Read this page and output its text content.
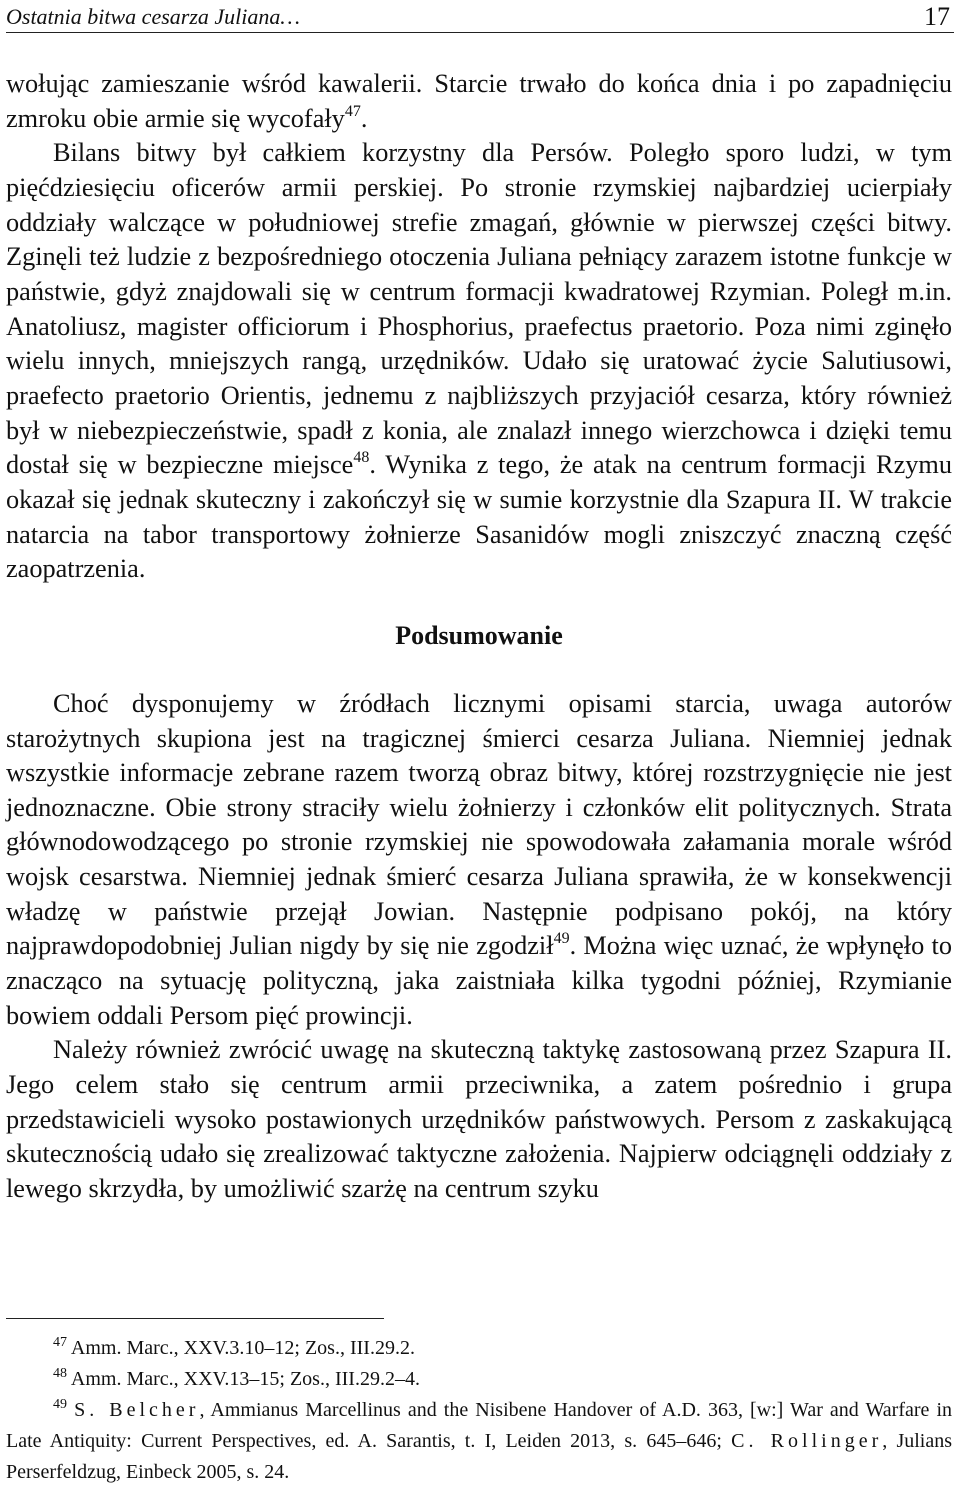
Ostatnia bitwa cesarza Juliana…	17

wołując zamieszanie wśród kawalerii. Starcie trwało do końca dnia i po zapadnięciu zmroku obie armie się wycofały$^{47}$.

Bilans bitwy był całkiem korzystny dla Persów. Poległo sporo ludzi, w tym pięćdziesięciu oficerów armii perskiej. Po stronie rzymskiej najbardziej ucierpiały oddziały walczące w południowej strefie zmagań, głównie w pierwszej części bitwy. Zginęli też ludzie z bezpośredniego otoczenia Juliana pełniący zarazem istotne funkcje w państwie, gdyż znajdowali się w centrum formacji kwadratowej Rzymian. Poległ m.in. Anatoliusz, magister officiorum i Phosphorius, praefectus praetorio. Poza nimi zginęło wielu innych, mniejszych rangą, urzędników. Udało się uratować życie Salutiusowi, praefecto praetorio Orientis, jednemu z najbliższych przyjaciół cesarza, który również był w niebezpieczeństwie, spadł z konia, ale znalazł innego wierzchowca i dzięki temu dostał się w bezpieczne miejsce$^{48}$. Wynika z tego, że atak na centrum formacji Rzymu okazał się jednak skuteczny i zakończył się w sumie korzystnie dla Szapura II. W trakcie natarcia na tabor transportowy żołnierze Sasanidów mogli zniszczyć znaczną część zaopatrzenia.

Podsumowanie

Choć dysponujemy w źródłach licznymi opisami starcia, uwaga autorów starożytnych skupiona jest na tragicznej śmierci cesarza Juliana. Niemniej jednak wszystkie informacje zebrane razem tworzą obraz bitwy, której rozstrzygnięcie nie jest jednoznaczne. Obie strony straciły wielu żołnierzy i członków elit politycznych. Strata głównodowodzącego po stronie rzymskiej nie spowodowała załamania morale wśród wojsk cesarstwa. Niemniej jednak śmierć cesarza Juliana sprawiła, że w konsekwencji władzę w państwie przejął Jowian. Następnie podpisano pokój, na który najprawdopodobniej Julian nigdy by się nie zgodził$^{49}$. Można więc uznać, że wpłynęło to znacząco na sytuację polityczną, jaka zaistniała kilka tygodni później, Rzymianie bowiem oddali Persom pięć prowincji.

Należy również zwrócić uwagę na skuteczną taktykę zastosowaną przez Szapura II. Jego celem stało się centrum armii przeciwnika, a zatem pośrednio i grupa przedstawicieli wysoko postawionych urzędników państwowych. Persom z zaskakującą skutecznością udało się zrealizować taktyczne założenia. Najpierw odciągnęli oddziały z lewego skrzydła, by umożliwić szarżę na centrum szyku

$^{47}$ Amm. Marc., XXV.3.10–12; Zos., III.29.2.

$^{48}$ Amm. Marc., XXV.13–15; Zos., III.29.2–4.

$^{49}$ S. Belcher, Ammianus Marcellinus and the Nisibene Handover of A.D. 363, [w:] War and Warfare in Late Antiquity: Current Perspectives, ed. A. Sarantis, t. I, Leiden 2013, s. 645–646; C. Rollinger, Julians Perserfeldzug, Einbeck 2005, s. 24.
